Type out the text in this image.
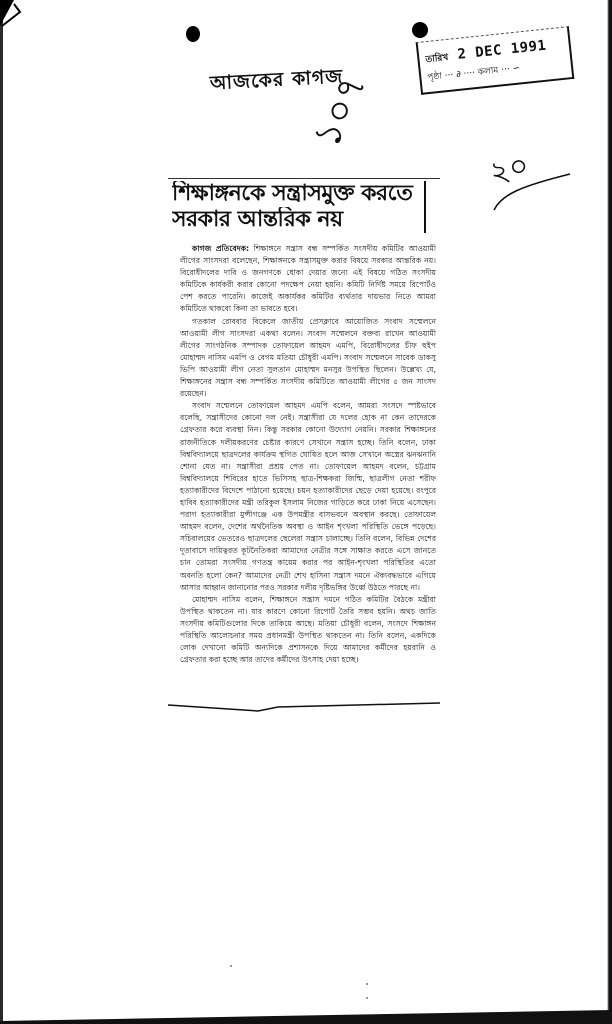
তারিখ 2 DEC 1991
পৃষ্ঠা ··· ∂ ···· কলাম ··· ∽
আজকের কাগজ
১০৭
২০
শিক্ষাঙ্গনকে সন্ত্রাসমুক্ত করতে
সরকার আন্তরিক নয়

কাগজ প্রতিবেদক: শিক্ষাঙ্গনে সন্ত্রাস বন্ধ সম্পর্কিত সংসদীয় কমিটির আওয়ামী লীগের সাংসদরা বলেছেন, শিক্ষাঙ্গনকে সন্ত্রাসমুক্ত করার বিষয়ে সরকার আন্তরিক নয়। বিরোধীদলের দাবি ও জনগণকে ধোকা দেয়ার জন্যে এই বিষয়ে গঠিত সংসদীয় কমিটিকে কার্যকরী করার কোনো পদক্ষেপ নেয়া হয়নি। কমিটি নির্দিষ্ট সময়ে রিপোর্টও পেশ করতে পারেনি। কাজেই অকার্যকর কমিটির ব্যর্থতার দায়ভার নিতে আমরা কমিটিতে থাকবো কিনা তা ভাবতে হবে।

গতকাল রোববার বিকেলে জাতীয় প্রেসক্লাবে আয়োজিত সংবাদ সম্মেলনে আওয়ামী লীগ সাংসদরা একথা বলেন। সংবাদ সম্মেলনে বক্তব্য রাখেন আওয়ামী লীগের সাংগঠনিক সম্পাদক তোফায়েল আহমদ এমপি, বিরোধীদলের চীফ হুইপ মোহাম্মদ নাসিম এমপি ও বেগম মতিয়া চৌধুরী এমপি। সংবাদ সম্মেলনে সাবেক ডাকসু ভিপি আওয়ামী লীগ নেতা সুলতান মোহাম্মদ মনসুর উপস্থিত ছিলেন। উল্লেখ্য যে, শিক্ষাঙ্গনের সন্ত্রাস বন্ধ সম্পর্কিত সংসদীয় কমিটিতে আওয়ামী লীগের ৫ জন সাংসদ রয়েছেন।

সংবাদ সম্মেলনে তোফায়েল আহমদ এমপি বলেন, আমরা সংসদে স্পষ্টভাবে বলেছি, সন্ত্রাসীদের কোনো দল নেই। সন্ত্রাসীরা যে দলের হোক না কেন তাদেরকে গ্রেফতার করে ব্যবস্থা নিন। কিন্তু সরকার কোনো উদ্যোগ নেয়নি। সরকার শিক্ষাঙ্গনের রাজনীতিকে দলীয়করণের চেষ্টার কারণে সেখানে সন্ত্রাস হচ্ছে। তিনি বলেন, ঢাকা বিশ্ববিদ্যালয়ে ছাত্রদলের কার্যক্রম স্থগিত ঘোষিত হলে আজ সেখানে অস্ত্রের ঝনঝনানি শোনা যেত না। সন্ত্রাসীরা প্রশ্রয় পেত না। তোফায়েল আহমদ বলেন, চট্টগ্রাম বিশ্ববিদ্যালয়ে শিবিরের হাতে ভিসিসহ ছাত্র-শিক্ষকরা জিম্মি, ছাত্রলীগ নেতা শরীফ হত্যাকারীদের বিদেশে পাঠানো হয়েছে। চয়ন হত্যাকারীদের ছেড়ে দেয়া হয়েছে। রংপুরে হাবিব হত্যাকারীদের মন্ত্রী তরিকুল ইসলাম নিজের গাড়িতে করে ঢাকা নিয়ে এসেছেন। পরাগ হত্যাকারীরা মুন্সীগঞ্জে এক উপমন্ত্রীর বাসভবনে অবস্থান করছে। তোফায়েল আহমদ বলেন, দেশের অর্থনৈতিক অবস্থা ও আইন শৃংখলা পরিস্থিতি ভেঙ্গে পড়েছে। সচিবালয়ের ভেতরেও ছাত্রদলের ছেলেরা সন্ত্রাস চালাচ্ছে। তিনি বলেন, বিভিন্ন দেশের দূতাবাসে দায়িত্বরত কূটনৈতিকরা আমাদের নেত্রীর সঙ্গে সাক্ষাত করতে এসে জানতে চান তোমরা সংসদীয় গণতন্ত্র কায়েম করার পর আইন-শৃংখলা পরিস্থিতির এতো অবনতি হলো কেন? আমাদের নেত্রী শেখ হাসিনা সন্ত্রাস দমনে ঐক্যবদ্ধভাবে এগিয়ে আসার আহ্বান জানানোর পরও সরকার দলীয় দৃষ্টিভঙ্গির উর্ধ্বে উঠতে পারছে না।

মোহাম্মদ নাসিম বলেন, শিক্ষাঙ্গনে সন্ত্রাস দমনে গঠিত কমিটির বৈঠকে মন্ত্রীরা উপস্থিত থাকতেন না। যার কারণে কোনো রিপোর্ট তৈরি সম্ভব হয়নি। অথচ জাতি সংসদীয় কমিটিগুলোর দিকে তাকিয়ে আছে। মতিয়া চৌধুরী বলেন, সংসদে শিক্ষাঙ্গন পরিস্থিতি আলোচনার সময় প্রধানমন্ত্রী উপস্থিত থাকতেন না। তিনি বলেন, একদিকে লোক দেখানো কমিটি অন্যদিকে প্রশাসনকে দিয়ে আমাদের কর্মীদের হয়রানি ও গ্রেফতার করা হচ্ছে আর তাদের কর্মীদের উৎসাহ দেয়া হচ্ছে।
